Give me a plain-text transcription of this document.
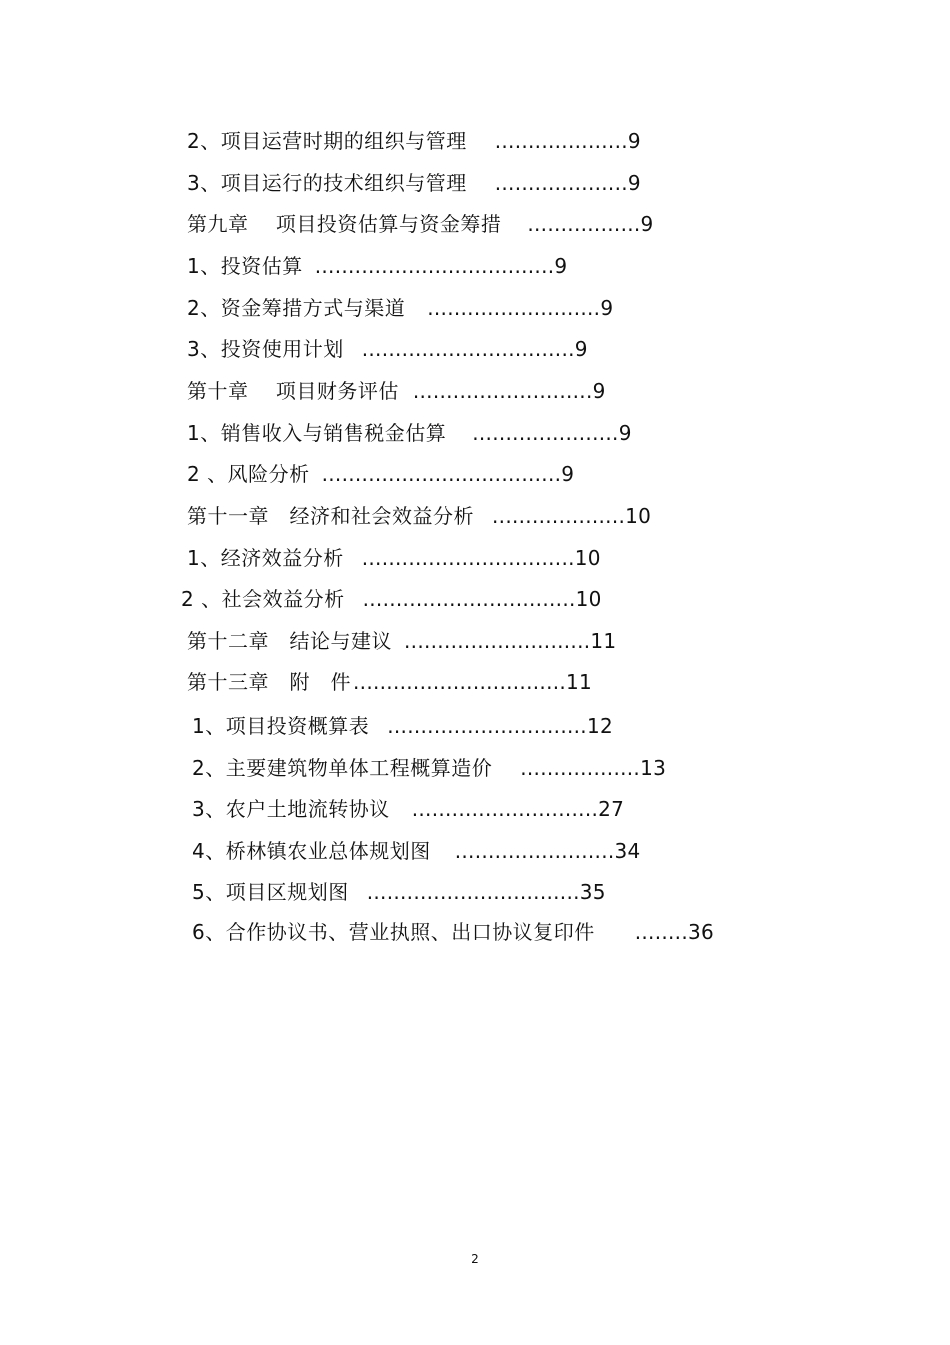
2、项目运营时期的组织与管理 ....................9
3、项目运行的技术组织与管理 ....................9
第九章　 项目投资估算与资金筹措 .................9
1、投资估算 ....................................9
2、资金筹措方式与渠道 ..........................9
3、投资使用计划 ................................9
第十章　 项目财务评估 ...........................9
1、销售收入与销售税金估算 ......................9
2 、风险分析 ....................................9
第十一章　经济和社会效益分析 ....................10
1、经济效益分析 ................................10
2 、社会效益分析 ................................10
第十二章　结论与建议 ............................11
第十三章　附　件 ................................11
1、项目投资概算表 ..............................12
2、主要建筑物单体工程概算造价 ..................13
3、农户土地流转协议 ............................27
4、桥林镇农业总体规划图 ........................34
5、项目区规划图 ................................35
6、合作协议书、营业执照、出口协议复印件 ........36
2
